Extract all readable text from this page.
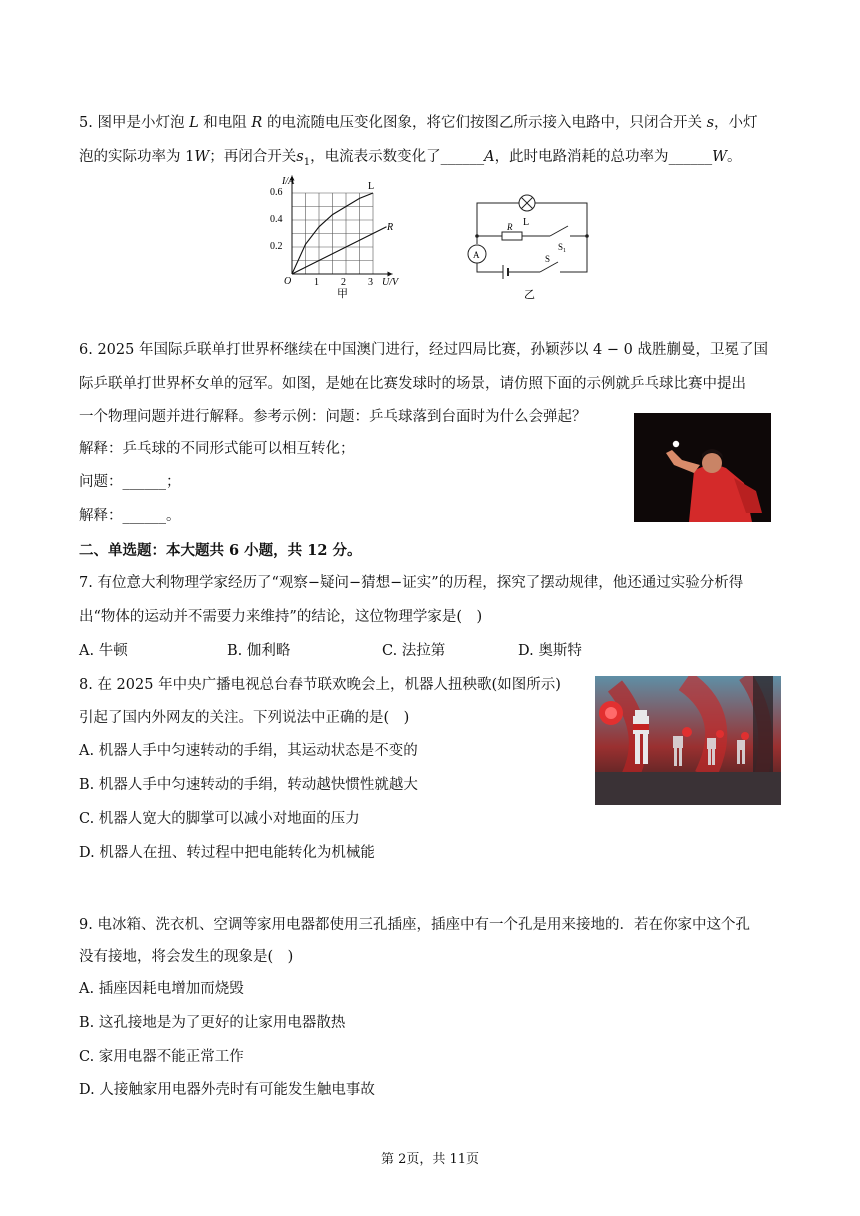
5. 图甲是小灯泡 L 和电阻 R 的电流随电压变化图象，将它们按图乙所示接入电路中，只闭合开关 s，小灯
泡的实际功率为 1W；再闭合开关$s_1$，电流表示数变化了______A，此时电路消耗的总功率为______W。
I/A
U/V
0.6
0.4
0.2
1 2 3
O
L
R
甲
L
R
$S_1$
S
A
乙
6. 2025 年国际乒联单打世界杯继续在中国澳门进行，经过四局比赛，孙颖莎以 4 − 0 战胜蒯曼，卫冕了国
际乒联单打世界杯女单的冠军。如图，是她在比赛发球时的场景，请仿照下面的示例就乒乓球比赛中提出
一个物理问题并进行解释。参考示例：问题：乒乓球落到台面时为什么会弹起？
解释：乒乓球的不同形式能可以相互转化；
问题：______；
解释：______。
二、单选题：本大题共 6 小题，共 12 分。
7. 有位意大利物理学家经历了“观察−疑问−猜想−证实”的历程，探究了摆动规律，他还通过实验分析得
出“物体的运动并不需要力来维持”的结论，这位物理学家是(　)
A. 牛顿	B. 伽利略	C. 法拉第	D. 奥斯特
8. 在 2025 年中央广播电视总台春节联欢晚会上，机器人扭秧歌(如图所示)
引起了国内外网友的关注。下列说法中正确的是(　)
A. 机器人手中匀速转动的手绢，其运动状态是不变的
B. 机器人手中匀速转动的手绢，转动越快惯性就越大
C. 机器人宽大的脚掌可以减小对地面的压力
D. 机器人在扭、转过程中把电能转化为机械能
9. 电冰箱、洗衣机、空调等家用电器都使用三孔插座，插座中有一个孔是用来接地的．若在你家中这个孔
没有接地，将会发生的现象是(　)
A. 插座因耗电增加而烧毁
B. 这孔接地是为了更好的让家用电器散热
C. 家用电器不能正常工作
D. 人接触家用电器外壳时有可能发生触电事故
第 2页，共 11页
